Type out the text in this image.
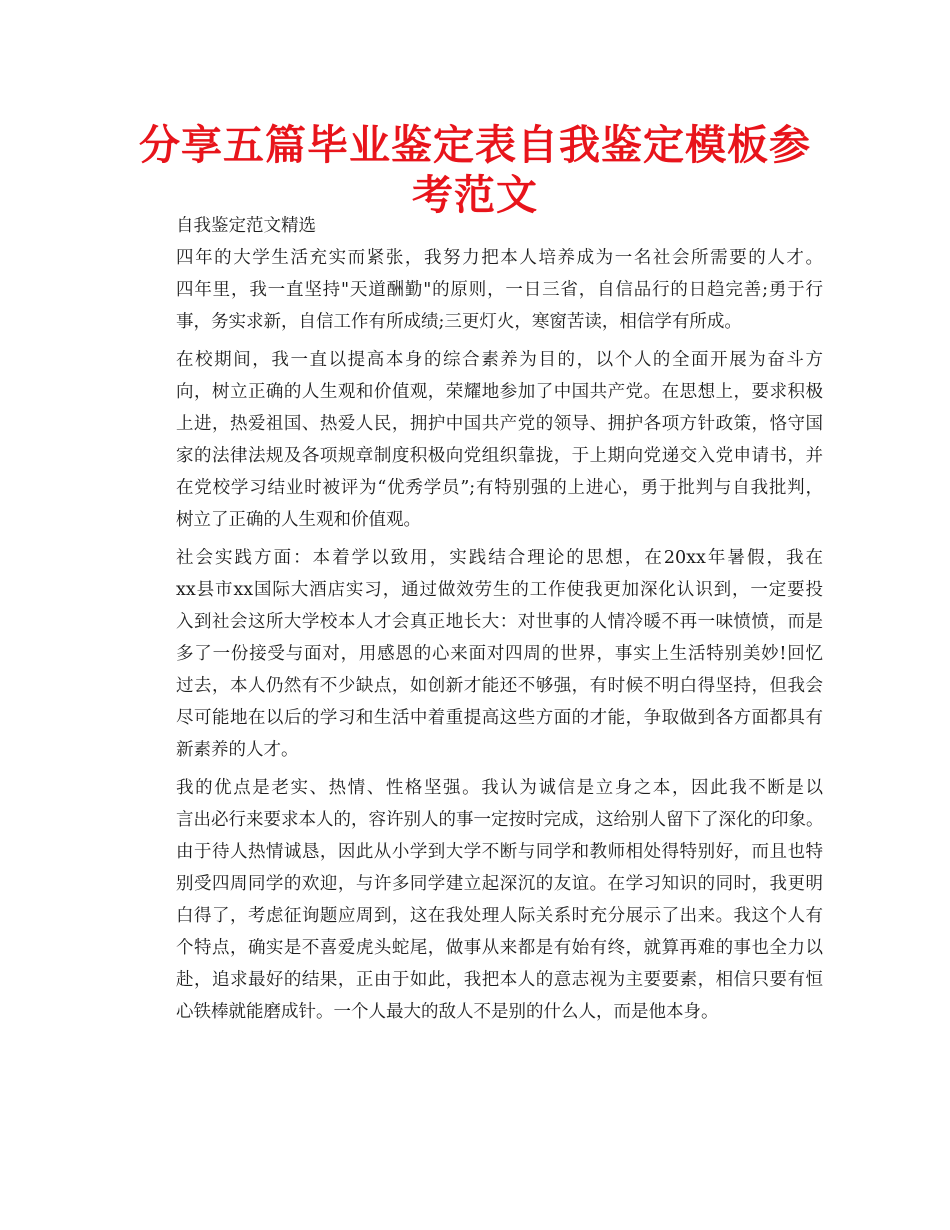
分享五篇毕业鉴定表自我鉴定模板参考范文

自我鉴定范文精选

四年的大学生活充实而紧张，我努力把本人培养成为一名社会所需要的人才。
四年里，我一直坚持"天道酬勤"的原则，一日三省，自信品行的日趋完善;勇于行
事，务实求新，自信工作有所成绩;三更灯火，寒窗苦读，相信学有所成。
在校期间，我一直以提高本身的综合素养为目的，以个人的全面开展为奋斗方
向，树立正确的人生观和价值观，荣耀地参加了中国共产党。在思想上，要求积极
上进，热爱祖国、热爱人民，拥护中国共产党的领导、拥护各项方针政策，恪守国
家的法律法规及各项规章制度积极向党组织靠拢，于上期向党递交入党申请书，并
在党校学习结业时被评为“优秀学员”;有特别强的上进心，勇于批判与自我批判，
树立了正确的人生观和价值观。
社会实践方面：本着学以致用，实践结合理论的思想，在20xx年暑假，我在
xx县市xx国际大酒店实习，通过做效劳生的工作使我更加深化认识到，一定要投
入到社会这所大学校本人才会真正地长大：对世事的人情冷暖不再一味愤愤，而是
多了一份接受与面对，用感恩的心来面对四周的世界，事实上生活特别美妙!回忆
过去，本人仍然有不少缺点，如创新才能还不够强，有时候不明白得坚持，但我会
尽可能地在以后的学习和生活中着重提高这些方面的才能，争取做到各方面都具有
新素养的人才。
我的优点是老实、热情、性格坚强。我认为诚信是立身之本，因此我不断是以
言出必行来要求本人的，容许别人的事一定按时完成，这给别人留下了深化的印象。
由于待人热情诚恳，因此从小学到大学不断与同学和教师相处得特别好，而且也特
别受四周同学的欢迎，与许多同学建立起深沉的友谊。在学习知识的同时，我更明
白得了，考虑征询题应周到，这在我处理人际关系时充分展示了出来。我这个人有
个特点，确实是不喜爱虎头蛇尾，做事从来都是有始有终，就算再难的事也全力以
赴，追求最好的结果，正由于如此，我把本人的意志视为主要要素，相信只要有恒
心铁棒就能磨成针。一个人最大的敌人不是别的什么人，而是他本身。
